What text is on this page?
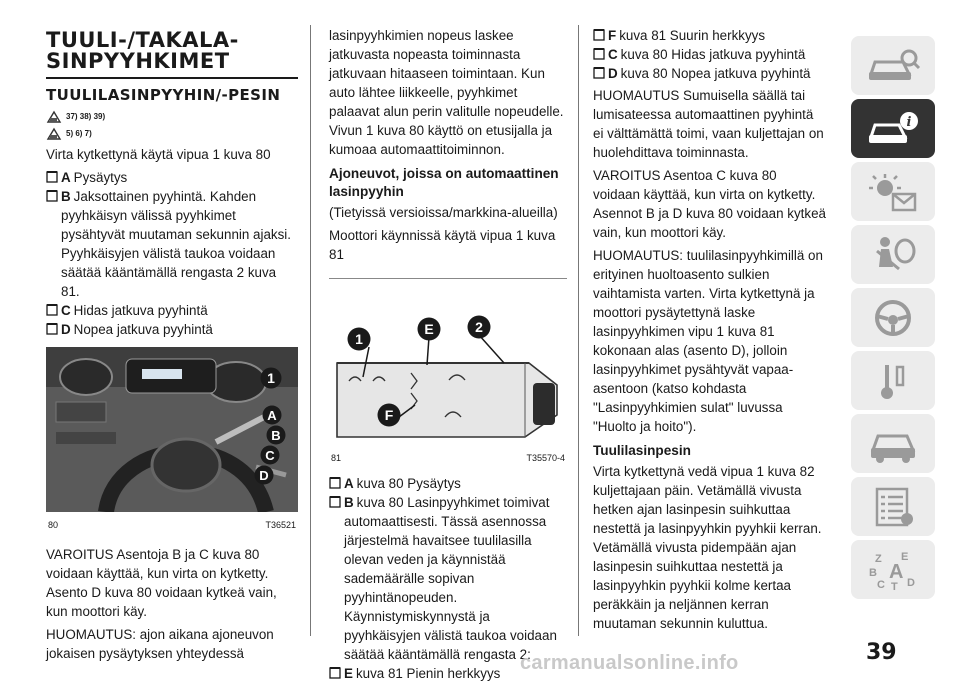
TUULI-/TAKALA-SINPYYHKIMET
TUULILASINPYYHIN/-PESIN
37) 38) 39)
5) 6) 7)

Virta kytkettynä käytä vipua 1 kuva 80

A Pysäytys
B Jaksottainen pyyhintä. Kahden pyyhkäisyn välissä pyyhkimet pysähtyvät muutaman sekunnin ajaksi. Pyyhkäisyjen välistä taukoa voidaan säätää kääntämällä rengasta 2 kuva 81.
C Hidas jatkuva pyyhintä
D Nopea jatkuva pyyhintä
1
A
B
C
D
80	T36521

VAROITUS Asentoja B ja C kuva 80 voidaan käyttää, kun virta on kytketty. Asento D kuva 80 voidaan kytkeä vain, kun moottori käy.

HUOMAUTUS: ajon aikana ajoneuvon jokaisen pysäytyksen yhteydessä

lasinpyyhkimien nopeus laskee jatkuvasta nopeasta toiminnasta jatkuvaan hitaaseen toimintaan. Kun auto lähtee liikkeelle, pyyhkimet palaavat alun perin valitulle nopeudelle. Vivun 1 kuva 80 käyttö on etusijalla ja kumoaa automaattitoiminnon.

Ajoneuvot, joissa on automaattinen lasinpyyhin

(Tietyissä versioissa/markkina-alueilla)

Moottori käynnissä käytä vipua 1 kuva 81

1
E	2
F
81	T35570-4
A kuva 80 Pysäytys
B kuva 80 Lasinpyyhkimet toimivat automaattisesti. Tässä asennossa järjestelmä havaitsee tuulilasilla olevan veden ja käynnistää sademäärälle sopivan pyyhintänopeuden. Käynnistymiskynnystä ja pyyhkäisyjen välistä taukoa voidaan säätää kääntämällä rengasta 2:
E kuva 81 Pienin herkkyys
F kuva 81 Suurin herkkyys
C kuva 80 Hidas jatkuva pyyhintä
D kuva 80 Nopea jatkuva pyyhintä

HUOMAUTUS Sumuisella säällä tai lumisateessa automaattinen pyyhintä ei välttämättä toimi, vaan kuljettajan on huolehdittava toiminnasta.

VAROITUS Asentoa C kuva 80 voidaan käyttää, kun virta on kytketty. Asennot B ja D kuva 80 voidaan kytkeä vain, kun moottori käy.

HUOMAUTUS: tuulilasinpyyhkimillä on erityinen huoltoasento sulkien vaihtamista varten. Virta kytkettynä ja moottori pysäytettynä laske lasinpyyhkimen vipu 1 kuva 81 kokonaan alas (asento D), jolloin lasinpyyhkimet pysähtyvät vapaa-asentoon (katso kohdasta "Lasinpyyhkimien sulat" luvussa "Huolto ja hoito").

Tuulilasinpesin

Virta kytkettynä vedä vipua 1 kuva 82 kuljettajaan päin. Vetämällä vivusta hetken ajan lasinpesin suihkuttaa nestettä ja lasinpyyhkin pyyhkii kerran. Vetämällä vivusta pidempään ajan lasinpesin suihkuttaa nestettä ja lasinpyyhkin pyyhkii kolme kertaa peräkkäin ja neljännen kerran muutaman sekunnin kuluttua.

i
Z E
B A
C T D
39
carmanualsonline.info
